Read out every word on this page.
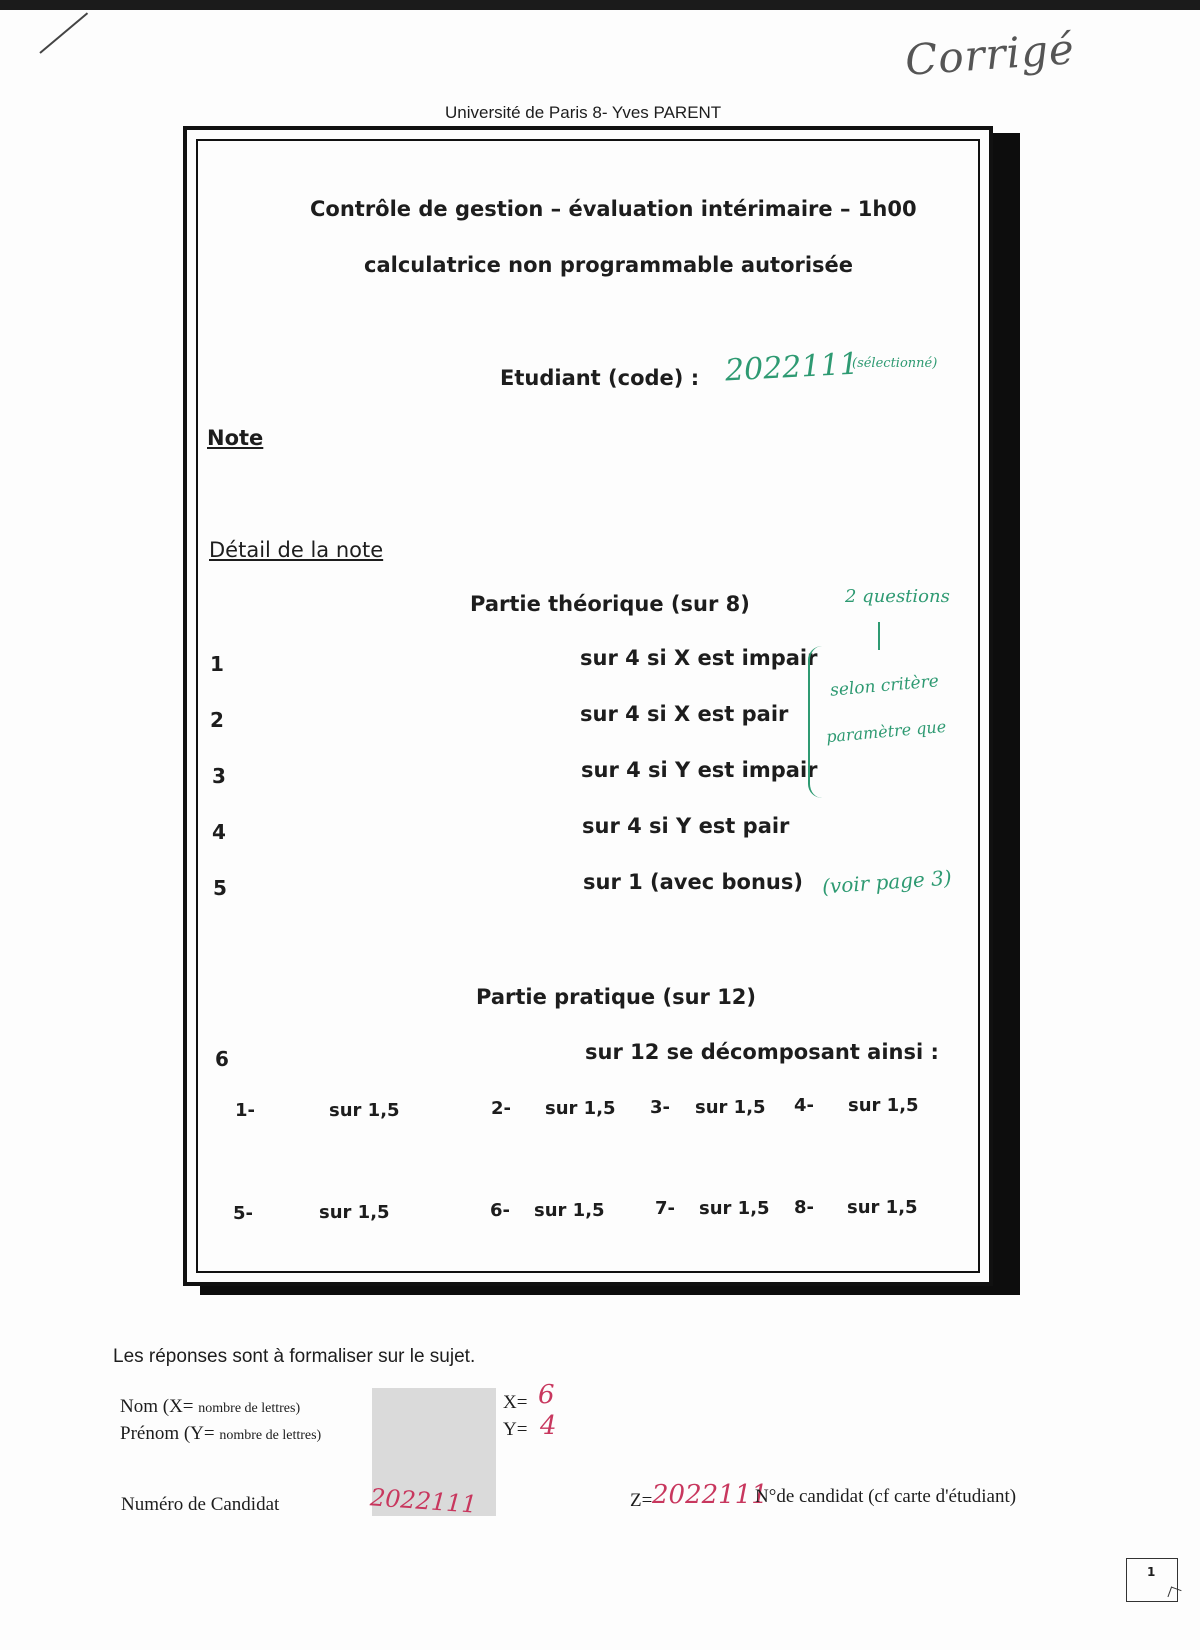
Corrigé
Université de Paris 8- Yves PARENT
Contrôle de gestion – évaluation intérimaire – 1h00
calculatrice non programmable autorisée
Etudiant (code) : 2022111
(sélectionné)
Note
Détail de la note
Partie théorique (sur 8)	2 questions
1	sur 4 si X est impair
2	sur 4 si X est pair
3	sur 4 si Y est impair
4	sur 4 si Y est pair
5	sur 1 (avec bonus)
selon critère
paramètre que
(voir page 3)
Partie pratique (sur 12)
6	sur 12 se décomposant ainsi :
1-	sur 1,5	2- sur 1,5 3- sur 1,5 4- sur 1,5
5-	sur 1,5	6- sur 1,5	7- sur 1,5 8- sur 1,5
Les réponses sont à formaliser sur le sujet.
Nom (X= nombre de lettres)
Prénom (Y= nombre de lettres)
X= 6
Y= 4
Numéro de Candidat	2022111	Z= 2022111
N°de candidat (cf carte d'étudiant)
1
